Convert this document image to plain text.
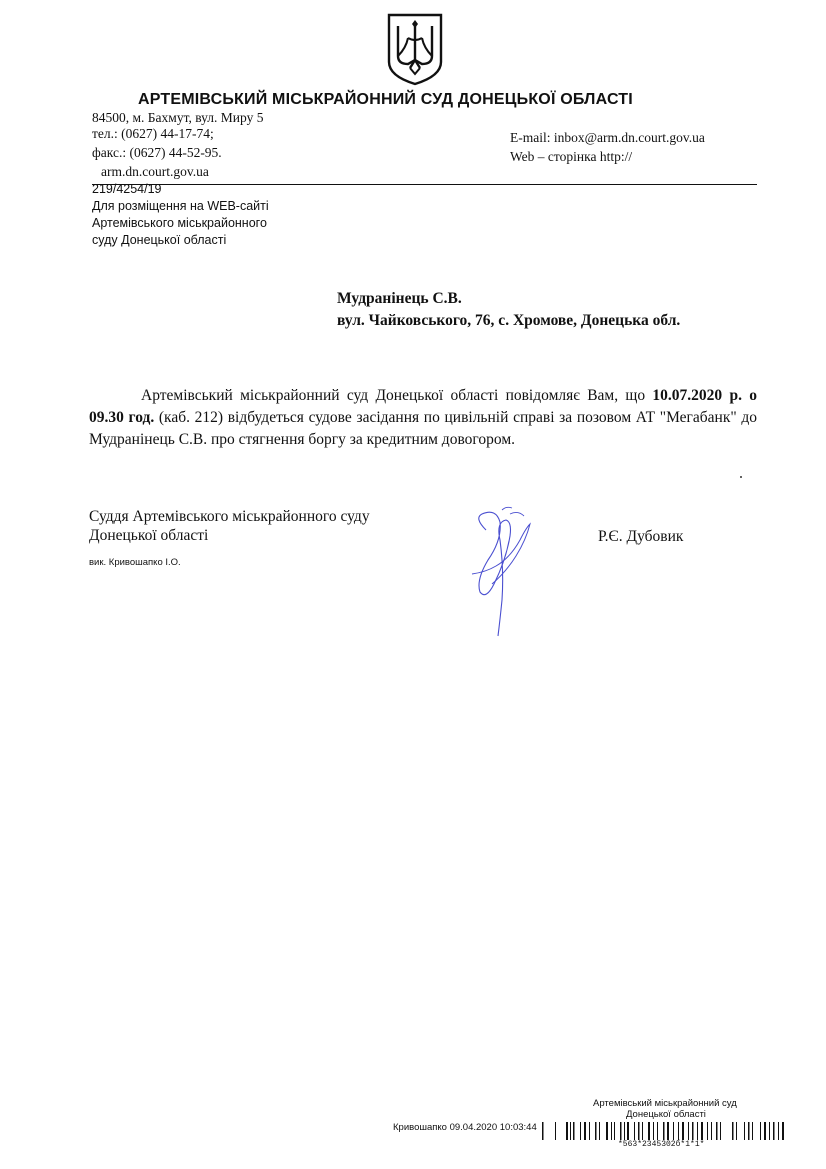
АРТЕМІВСЬКИЙ МІСЬКРАЙОННИЙ СУД ДОНЕЦЬКОЇ ОБЛАСТІ
84500, м. Бахмут, вул. Миру 5
тел.: (0627) 44-17-74;
факс.: (0627) 44-52-95.
arm.dn.court.gov.ua
E-mail: inbox@arm.dn.court.gov.ua
Web – сторінка http://
219/4254/19
Для розміщення на WEB-сайті
Артемівського міськрайонного
суду Донецької області
Мудранінець С.В.
вул. Чайковського, 76, с. Хромове, Донецька обл.
Артемівський міськрайонний суд Донецької області повідомляє Вам, що 10.07.2020 р. о 09.30 год. (каб. 212) відбудеться судове засідання по цивільній справі за позовом АТ "Мегабанк" до Мудранінець С.В. про стягнення боргу за кредитним довогором.
Суддя Артемівського міськрайонного суду
Донецької області	Р.Є. Дубовик
вик. Кривошапко І.О.
Артемівський міськрайонний суд
Донецької області
Кривошапко 09.04.2020 10:03:44
*563*2345302б*1*1*
